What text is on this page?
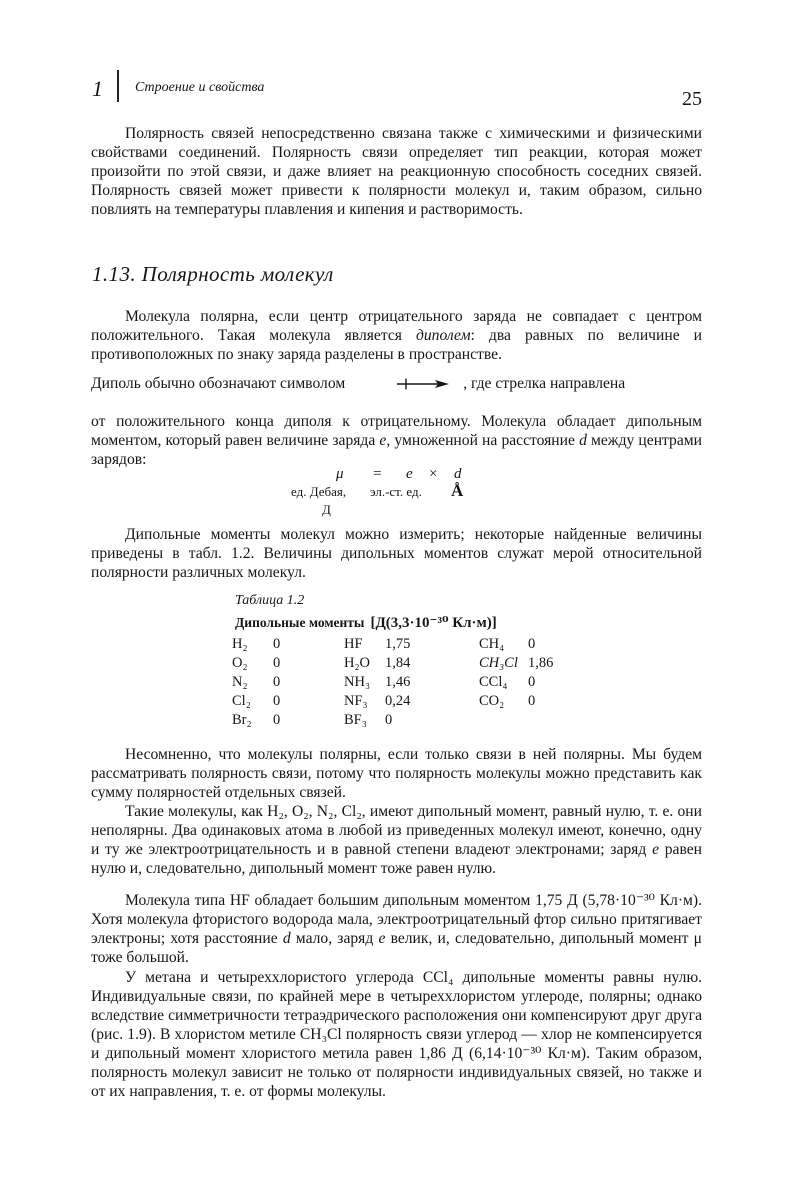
1 Строение и свойства
25
Полярность связей непосредственно связана также с химическими и физическими свойствами соединений. Полярность связи определяет тип реакции, которая может произойти по этой связи, и даже влияет на реакционную способность соседних связей. Полярность связей может привести к полярности молекул и, таким образом, сильно повлиять на температуры плавления и кипения и растворимость.
1.13. Полярность молекул
Молекула полярна, если центр отрицательного заряда не совпадает с центром положительного. Такая молекула является диполем: два равных по величине и противоположных по знаку заряда разделены в пространстве.
Диполь обычно обозначают символом	, где стрелка направлена
от положительного конца диполя к отрицательному. Молекула обладает дипольным моментом, который равен величине заряда e, умноженной на расстояние d между центрами зарядов:
μ = e × d
ед. Дебая, эл.-ст. ед. Å
Д
Дипольные моменты молекул можно измерить; некоторые найденные величины приведены в табл. 1.2. Величины дипольных моментов служат мерой относительной полярности различных молекул.
Таблица 1.2
Дипольные моменты [Д(3,3·10⁻³⁰ Кл·м)]
H₂	0	HF	1,75	CH₄	0
O₂	0	H₂O	1,84	CH₃Cl	1,86
N₂	0	NH₃	1,46	CCl₄	0
Cl₂	0	NF₃	0,24	CO₂	0
Br₂	0	BF₃	0		
Несомненно, что молекулы полярны, если только связи в ней полярны. Мы будем рассматривать полярность связи, потому что полярность молекулы можно представить как сумму полярностей отдельных связей.
Такие молекулы, как H₂, O₂, N₂, Cl₂, имеют дипольный момент, равный нулю, т. е. они неполярны. Два одинаковых атома в любой из приведенных молекул имеют, конечно, одну и ту же электроотрицательность и в равной степени владеют электронами; заряд e равен нулю и, следовательно, дипольный момент тоже равен нулю.
Молекула типа HF обладает большим дипольным моментом 1,75 Д (5,78·10⁻³⁰ Кл·м). Хотя молекула фтористого водорода мала, электроотрицательный фтор сильно притягивает электроны; хотя расстояние d мало, заряд e велик, и, следовательно, дипольный момент μ тоже большой.
У метана и четыреххлористого углерода CCl₄ дипольные моменты равны нулю. Индивидуальные связи, по крайней мере в четыреххлористом углероде, полярны; однако вследствие симметричности тетраэдрического расположения они компенсируют друг друга (рис. 1.9). В хлористом метиле CH₃Cl полярность связи углерод — хлор не компенсируется и дипольный момент хлористого метила равен 1,86 Д (6,14·10⁻³⁰ Кл·м). Таким образом, полярность молекул зависит не только от полярности индивидуальных связей, но также и от их направления, т. е. от формы молекулы.
